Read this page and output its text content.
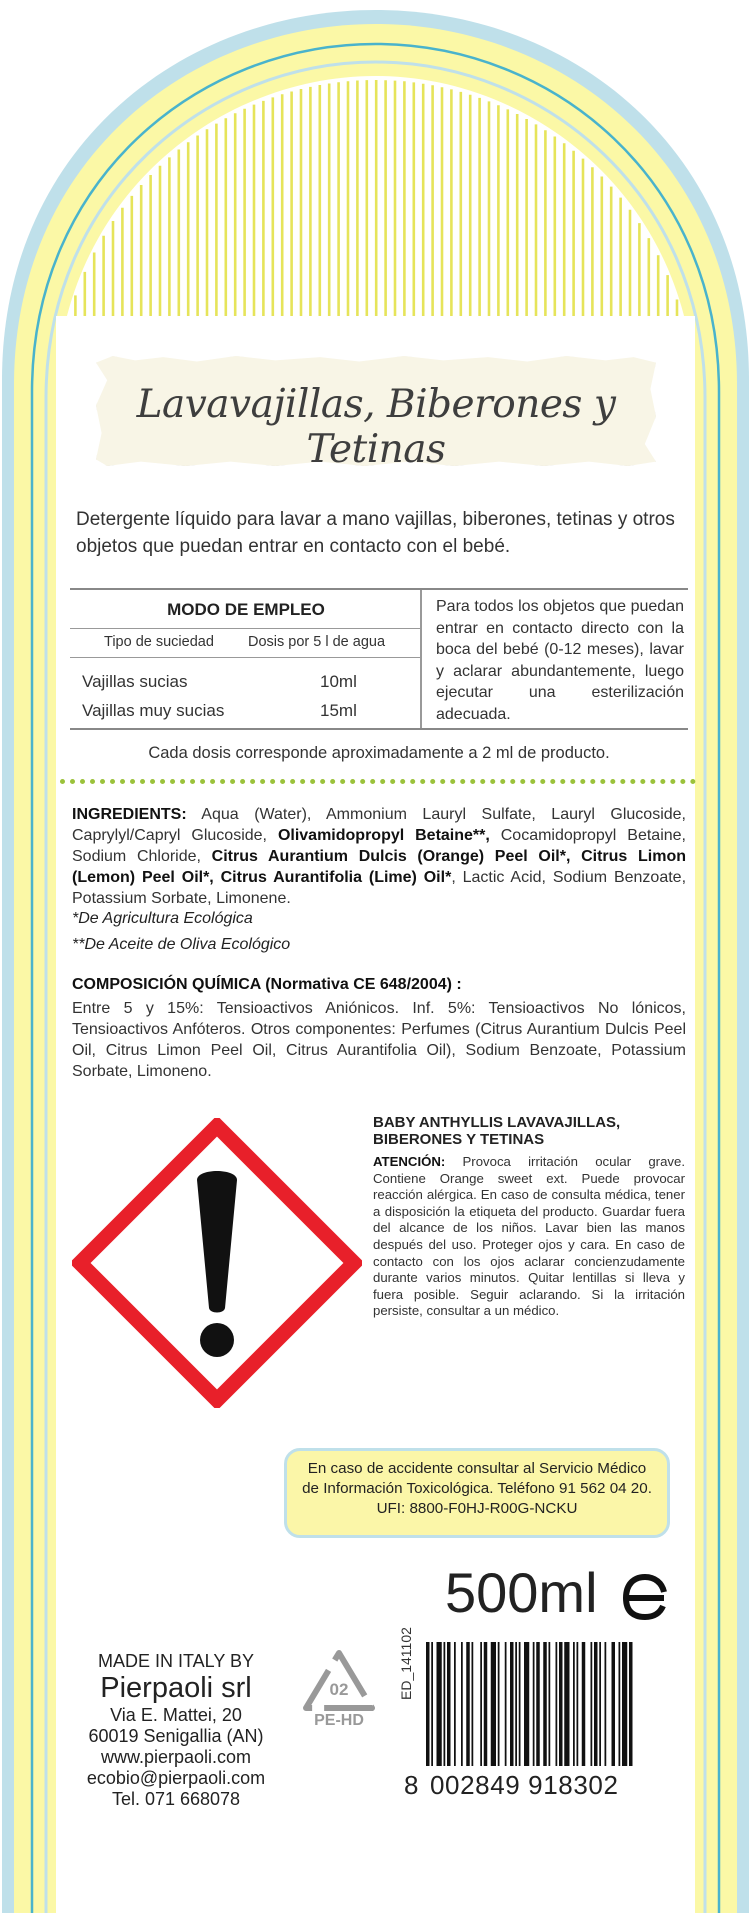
Lavavajillas, Biberones y Tetinas
Detergente líquido para lavar a mano vajillas, biberones, tetinas y otros objetos que puedan entrar en contacto con el bebé.
MODO DE EMPLEO
Tipo de suciedad Dosis por 5 l de agua
Vajillas sucias	10ml
Vajillas muy sucias	15ml
Para todos los objetos que puedan entrar en contacto directo con la boca del bebé (0-12 meses), lavar y aclarar abundantemente, luego ejecutar una esterilización adecuada.
Cada dosis corresponde aproximadamente a 2 ml de producto.
INGREDIENTS: Aqua (Water), Ammonium Lauryl Sulfate, Lauryl Glucoside, Caprylyl/Capryl Glucoside, Olivamidopropyl Betaine**, Cocamidopropyl Betaine, Sodium Chloride, Citrus Aurantium Dulcis (Orange) Peel Oil*, Citrus Limon (Lemon) Peel Oil*, Citrus Aurantifolia (Lime) Oil*, Lactic Acid, Sodium Benzoate, Potassium Sorbate, Limonene.
*De Agricultura Ecológica
**De Aceite de Oliva Ecológico
COMPOSICIÓN QUÍMICA (Normativa CE 648/2004) :
Entre 5 y 15%: Tensioactivos Aniónicos. Inf. 5%: Tensioactivos No lónicos, Tensioactivos Anfóteros. Otros componentes: Perfumes (Citrus Aurantium Dulcis Peel Oil, Citrus Limon Peel Oil, Citrus Aurantifolia Oil), Sodium Benzoate, Potassium Sorbate, Limoneno.
BABY ANTHYLLIS LAVAVAJILLAS, BIBERONES Y TETINAS
ATENCIÓN: Provoca irritación ocular grave. Contiene Orange sweet ext. Puede provocar reacción alérgica. En caso de consulta médica, tener a disposición la etiqueta del producto. Guardar fuera del alcance de los niños. Lavar bien las manos después del uso. Proteger ojos y cara. En caso de contacto con los ojos aclarar concienzudamente durante varios minutos. Quitar lentillas si lleva y fuera posible. Seguir aclarando. Si la irritación persiste, consultar a un médico.
En caso de accidente consultar al Servicio Médico
de Información Toxicológica. Teléfono 91 562 04 20.
UFI: 8800-F0HJ-R00G-NCKU
500ml
MADE IN ITALY BY
Pierpaoli srl
Via E. Mattei, 20
60019 Senigallia (AN)
www.pierpaoli.com
ecobio@pierpaoli.com
Tel. 071 668078
02
PE-HD
ED_141102
8 002849 918302
